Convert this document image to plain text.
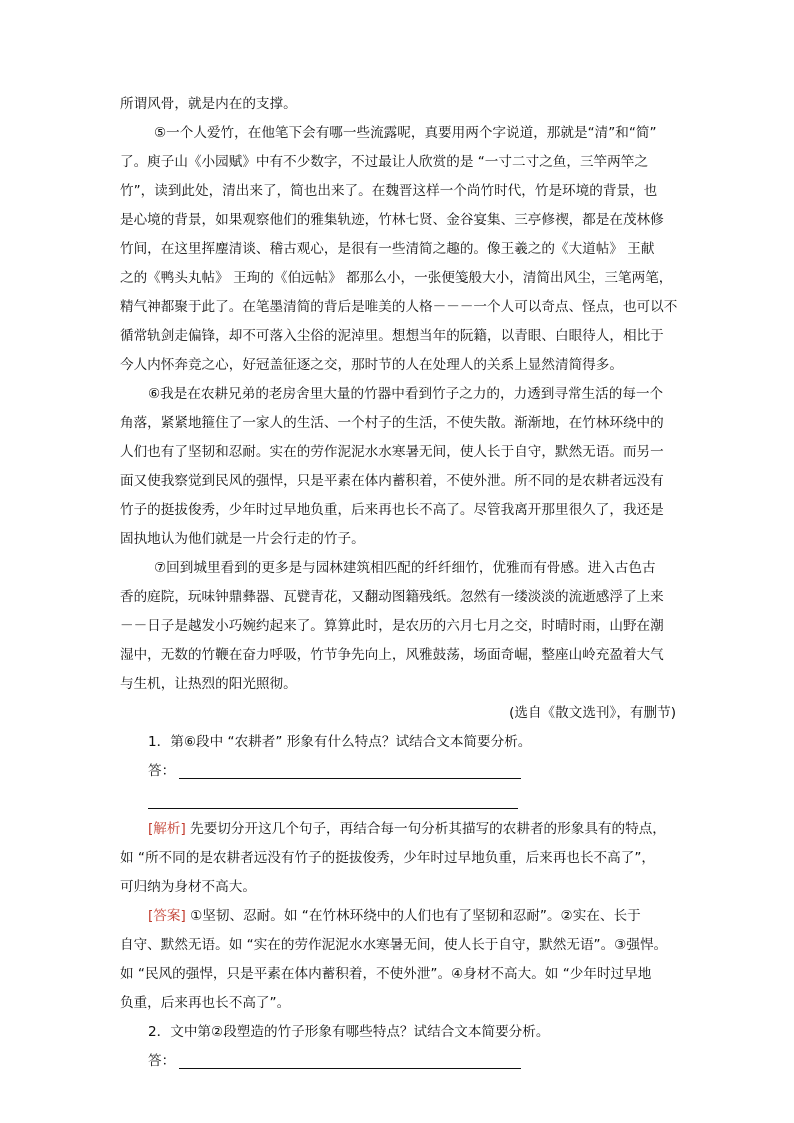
所谓风骨，就是内在的支撑。
⑤一个人爱竹，在他笔下会有哪一些流露呢，真要用两个字说道，那就是“清”和“简”
了。庾子山《小园赋》中有不少数字，不过最让人欣赏的是 “一寸二寸之鱼，三竿两竿之
竹”，读到此处，清出来了，简也出来了。在魏晋这样一个尚竹时代，竹是环境的背景，也
是心境的背景，如果观察他们的雅集轨迹，竹林七贤、金谷宴集、三亭修禊，都是在茂林修
竹间，在这里挥麈清谈、稽古观心，是很有一些清简之趣的。像王羲之的《大道帖》 王献
之的《鸭头丸帖》 王珣的《伯远帖》 都那么小，一张便笺般大小，清简出风尘，三笔两笔，
精气神都聚于此了。在笔墨清简的背后是唯美的人格－－－一个人可以奇点、怪点，也可以不
循常轨剑走偏锋，却不可落入尘俗的泥淖里。想想当年的阮籍，以青眼、白眼待人，相比于
今人内怀奔竞之心，好冠盖征逐之交，那时节的人在处理人的关系上显然清简得多。
⑥我是在农耕兄弟的老房舍里大量的竹器中看到竹子之力的，力透到寻常生活的每一个
角落，紧紧地箍住了一家人的生活、一个村子的生活，不使失散。渐渐地，在竹林环绕中的
人们也有了坚韧和忍耐。实在的劳作泥泥水水寒暑无间，使人长于自守，默然无语。而另一
面又使我察觉到民风的强悍，只是平素在体内蓄积着，不使外泄。所不同的是农耕者远没有
竹子的挺拔俊秀，少年时过早地负重，后来再也长不高了。尽管我离开那里很久了，我还是
固执地认为他们就是一片会行走的竹子。
⑦回到城里看到的更多是与园林建筑相匹配的纤纤细竹，优雅而有骨感。进入古色古
香的庭院，玩味钟鼎彝器、瓦甓青花，又翻动图籍残纸。忽然有一缕淡淡的流逝感浮了上来
－－日子是越发小巧婉约起来了。算算此时，是农历的六月七月之交，时晴时雨，山野在潮
湿中，无数的竹鞭在奋力呼吸，竹节争先向上，风雅鼓荡，场面奇崛，整座山岭充盈着大气
与生机，让热烈的阳光照彻。
(选自《散文选刊》，有删节)
1．第⑥段中 “农耕者” 形象有什么特点？试结合文本简要分析。
答：
[解析] 先要切分开这几个句子，再结合每一句分析其描写的农耕者的形象具有的特点，
如 “所不同的是农耕者远没有竹子的挺拔俊秀，少年时过早地负重，后来再也长不高了”，
可归纳为身材不高大。
[答案] ①坚韧、忍耐。如 “在竹林环绕中的人们也有了坚韧和忍耐”。②实在、长于
自守、默然无语。如 “实在的劳作泥泥水水寒暑无间，使人长于自守，默然无语”。③强悍。
如 “民风的强悍，只是平素在体内蓄积着，不使外泄”。④身材不高大。如 “少年时过早地
负重，后来再也长不高了”。
2．文中第②段塑造的竹子形象有哪些特点？试结合文本简要分析。
答：
